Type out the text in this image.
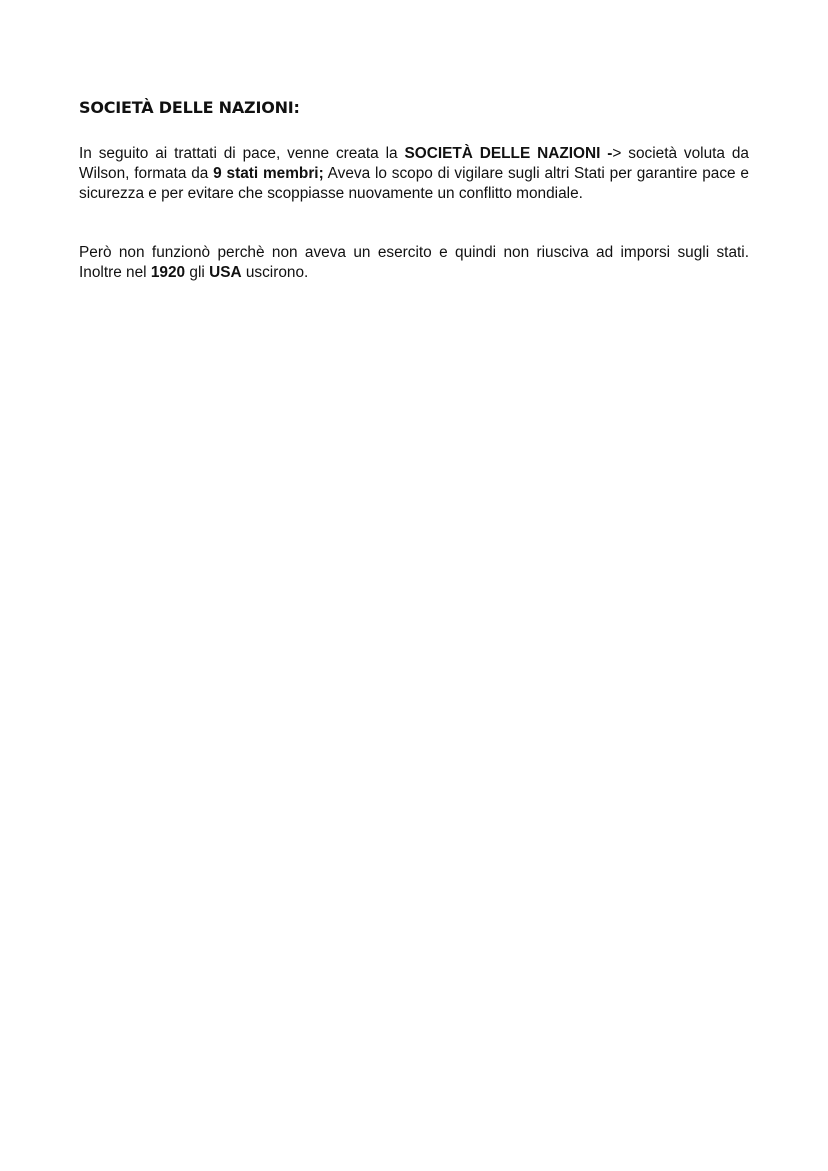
SOCIETÀ DELLE NAZIONI:

In seguito ai trattati di pace, venne creata la SOCIETÀ DELLE NAZIONI -> società voluta da Wilson, formata da 9 stati membri; Aveva lo scopo di vigilare sugli altri Stati per garantire pace e sicurezza e per evitare che scoppiasse nuovamente un conflitto mondiale.

Però non funzionò perchè non aveva un esercito e quindi non riusciva ad imporsi sugli stati. Inoltre nel 1920 gli USA uscirono.
